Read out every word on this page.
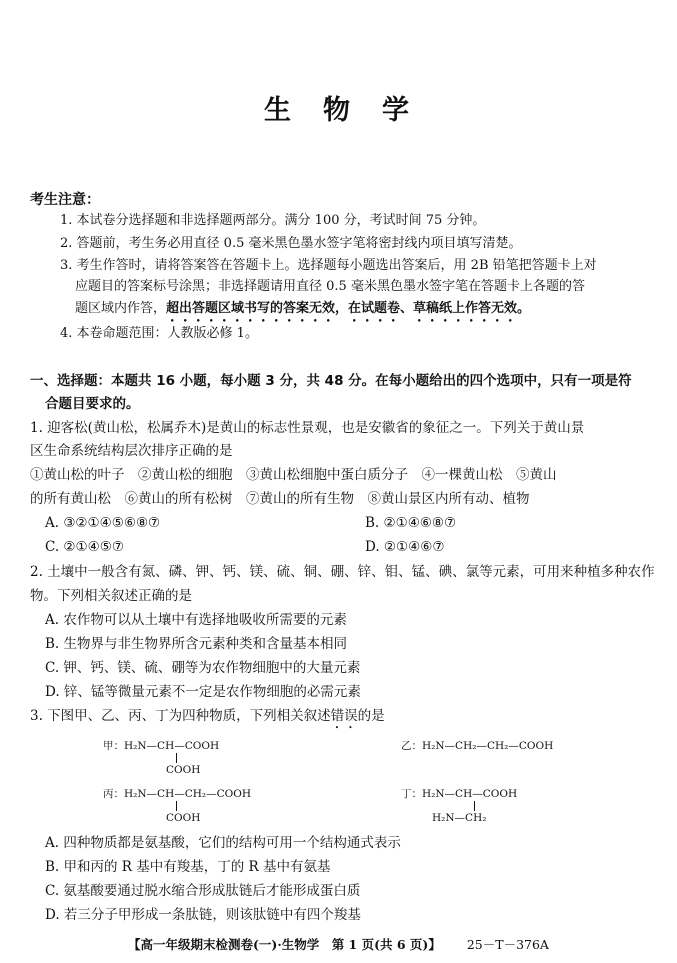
生 物 学
考生注意：
1. 本试卷分选择题和非选择题两部分。满分 100 分，考试时间 75 分钟。
2. 答题前，考生务必用直径 0.5 毫米黑色墨水签字笔将密封线内项目填写清楚。
3. 考生作答时，请将答案答在答题卡上。选择题每小题选出答案后，用 2B 铅笔把答题卡上对
应题目的答案标号涂黑；非选择题请用直径 0.5 毫米黑色墨水签字笔在答题卡上各题的答
题区域内作答，超出答题区域书写的答案无效，在试题卷、草稿纸上作答无效。
4. 本卷命题范围：人教版必修 1。
一、选择题：本题共 16 小题，每小题 3 分，共 48 分。在每小题给出的四个选项中，只有一项是符
合题目要求的。
1. 迎客松(黄山松，松属乔木)是黄山的标志性景观，也是安徽省的象征之一。下列关于黄山景
区生命系统结构层次排序正确的是
①黄山松的叶子　②黄山松的细胞　③黄山松细胞中蛋白质分子　④一棵黄山松　⑤黄山
的所有黄山松　⑥黄山的所有松树　⑦黄山的所有生物　⑧黄山景区内所有动、植物
A. ③②①④⑤⑥⑧⑦	B. ②①④⑥⑧⑦
C. ②①④⑤⑦	D. ②①④⑥⑦
2. 土壤中一般含有氮、磷、钾、钙、镁、硫、铜、硼、锌、钼、锰、碘、氯等元素，可用来种植多种农作
物。下列相关叙述正确的是
A. 农作物可以从土壤中有选择地吸收所需要的元素
B. 生物界与非生物界所含元素种类和含量基本相同
C. 钾、钙、镁、硫、硼等为农作物细胞中的大量元素
D. 锌、锰等微量元素不一定是农作物细胞的必需元素
3. 下图甲、乙、丙、丁为四种物质，下列相关叙述错误的是
甲：H₂N—CH—COOH
COOH
乙：H₂N—CH₂—CH₂—COOH
丙：H₂N—CH—CH₂—COOH
COOH
丁：H₂N—CH—COOH
H₂N—CH₂
A. 四种物质都是氨基酸，它们的结构可用一个结构通式表示
B. 甲和丙的 R 基中有羧基，丁的 R 基中有氨基
C. 氨基酸要通过脱水缩合形成肽链后才能形成蛋白质
D. 若三分子甲形成一条肽链，则该肽链中有四个羧基
【高一年级期末检测卷(一)·生物学　第 1 页(共 6 页)】 25－T－376A
